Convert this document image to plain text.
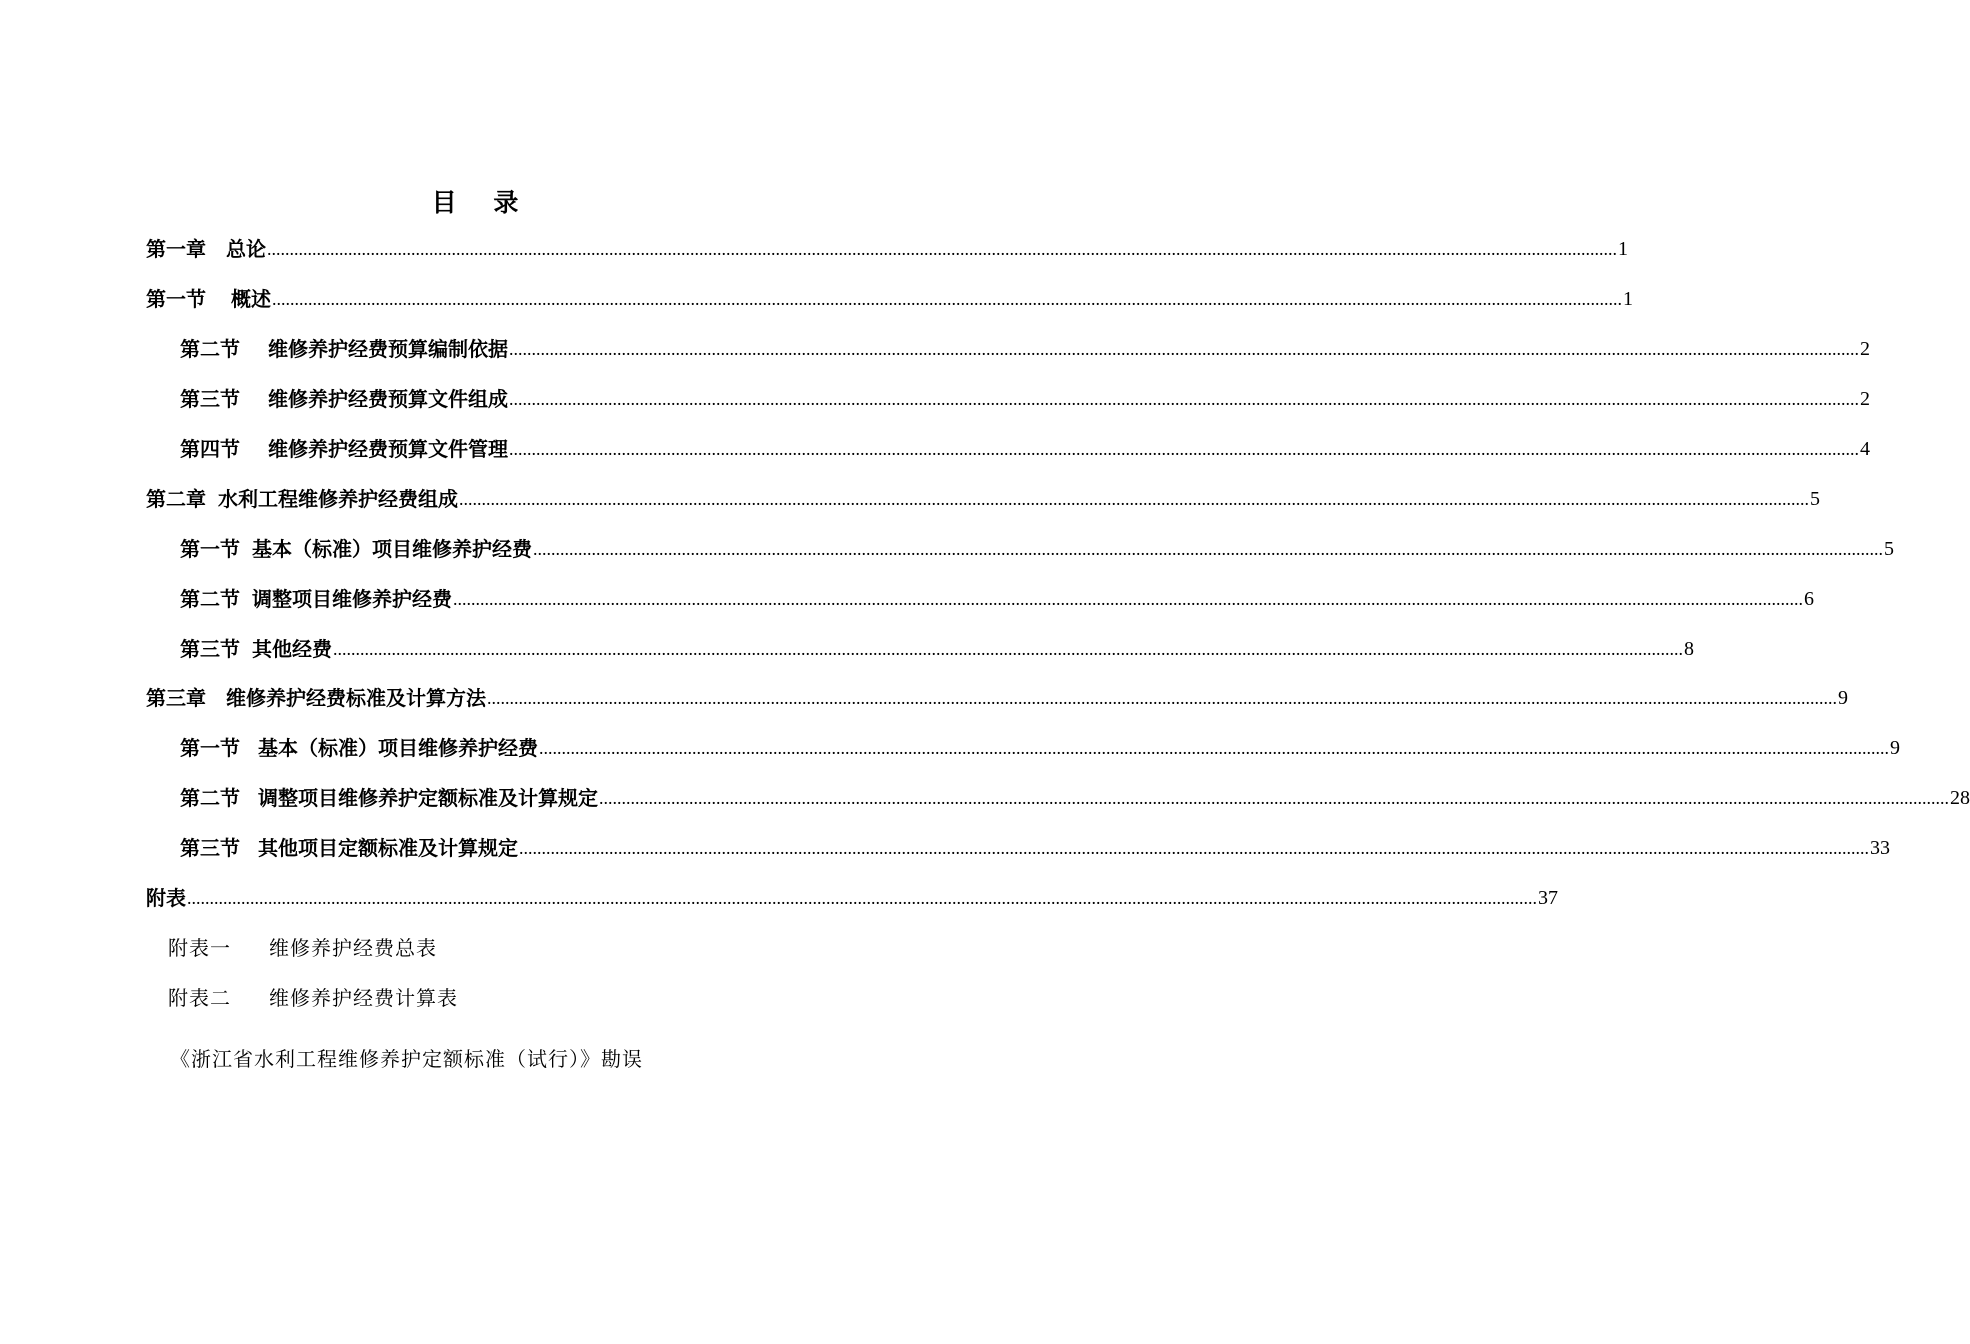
目 录
第一章 总论 ............................................................................................................................................................................................................................................................................................................ 1
第一节 概述 ............................................................................................................................................................................................................................................................................................................ 1
第二节 维修养护经费预算编制依据 ............................................................................................................................................................................................................................................................................................................ 2
第三节 维修养护经费预算文件组成 ............................................................................................................................................................................................................................................................................................................ 2
第四节 维修养护经费预算文件管理 ............................................................................................................................................................................................................................................................................................................ 4
第二章 水利工程维修养护经费组成 ............................................................................................................................................................................................................................................................................................................ 5
第一节 基本（标准）项目维修养护经费 ............................................................................................................................................................................................................................................................................................................ 5
第二节 调整项目维修养护经费 ............................................................................................................................................................................................................................................................................................................ 6
第三节 其他经费 ............................................................................................................................................................................................................................................................................................................ 8
第三章 维修养护经费标准及计算方法 ............................................................................................................................................................................................................................................................................................................ 9
第一节 基本（标准）项目维修养护经费 ............................................................................................................................................................................................................................................................................................................ 9
第二节 调整项目维修养护定额标准及计算规定 ............................................................................................................................................................................................................................................................................................................ 28
第三节 其他项目定额标准及计算规定 ............................................................................................................................................................................................................................................................................................................ 33
附表 ............................................................................................................................................................................................................................................................................................................ 37
附表一 维修养护经费总表
附表二 维修养护经费计算表
《浙江省水利工程维修养护定额标准（试行）》勘误
